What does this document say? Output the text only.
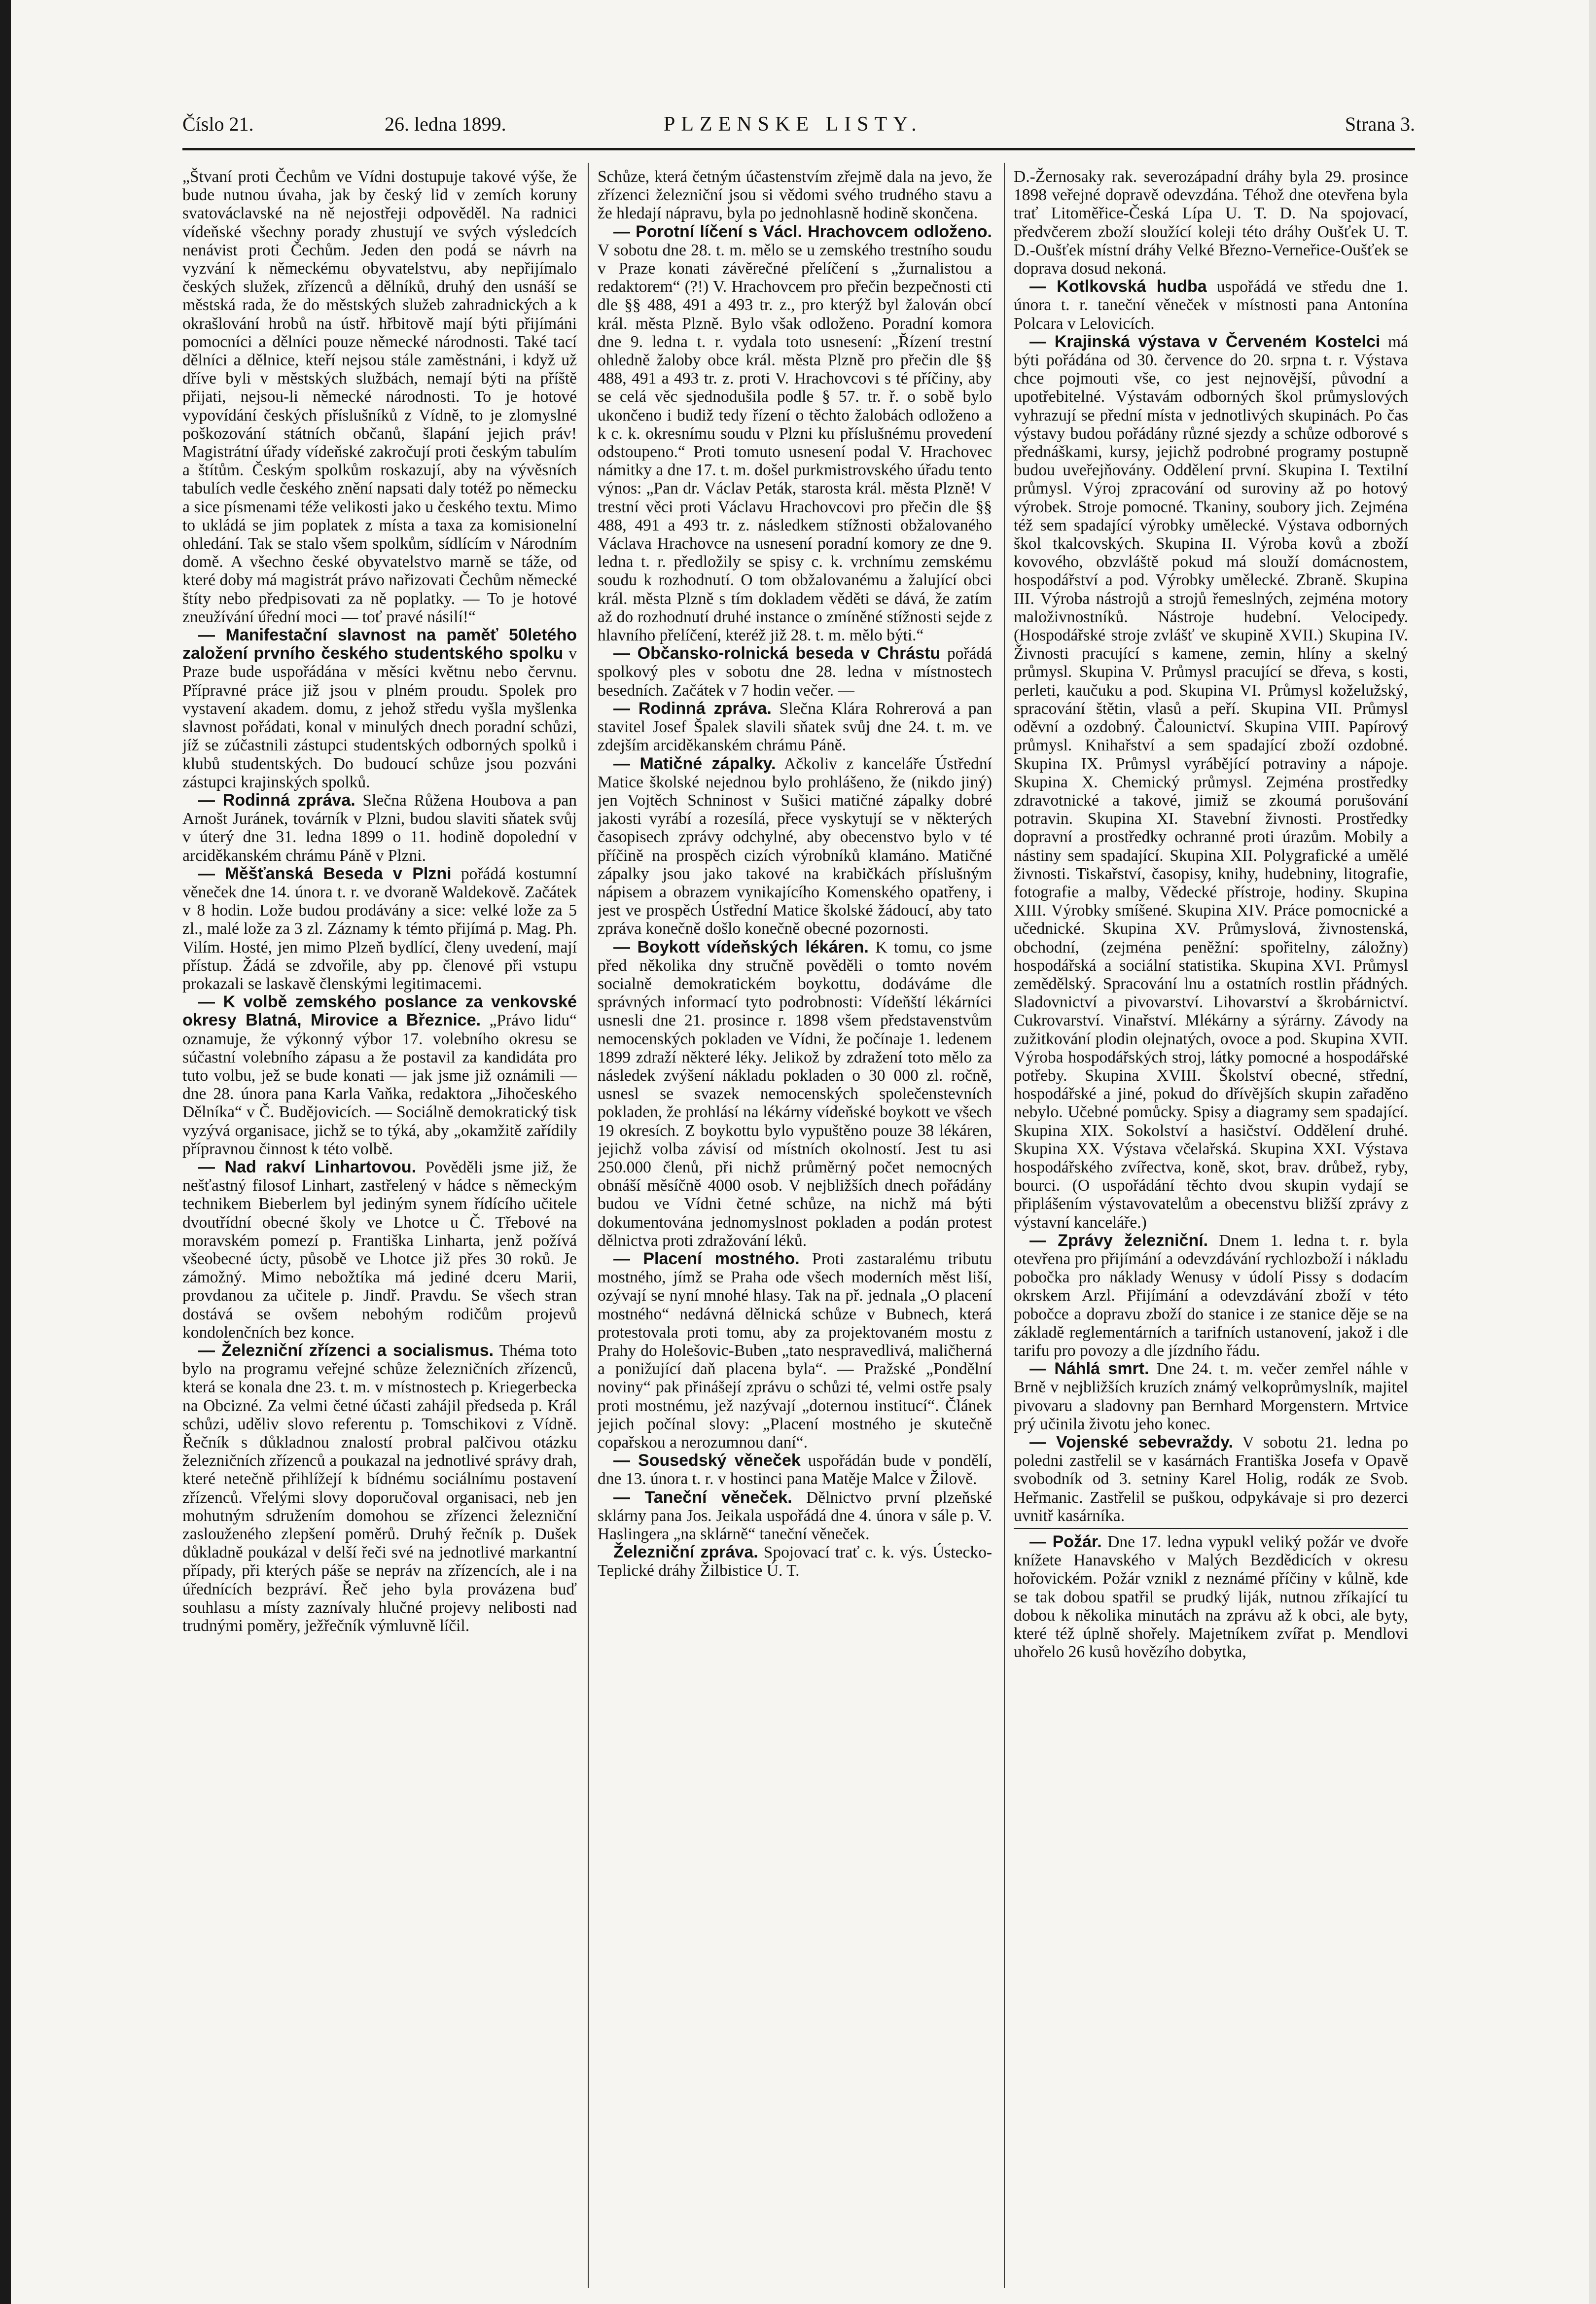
Číslo 21.	26. ledna 1899.	PLZENSKE LISTY.	Strana 3.

„Štvaní proti Čechům ve Vídni dostupuje takové výše, že bude nutnou úvaha, jak by český lid v zemích koruny svatováclavské na ně nejostřeji odpověděl. Na radnici vídeňské všechny porady zhustují ve svých výsledcích nenávist proti Čechům. Jeden den podá se návrh na vyzvání k německému obyvatelstvu, aby nepřijímalo českých služek, zřízenců a dělníků, druhý den usnáší se městská rada, že do městských služeb zahradnických a k okrašlování hrobů na ústř. hřbitově mají býti přijímáni pomocníci a dělníci pouze německé národnosti. Také tací dělníci a dělnice, kteří nejsou stále zaměstnáni, i když už dříve byli v městských službách, nemají býti na příště přijati, nejsou-li německé národnosti. To je hotové vypovídání českých příslušníků z Vídně, to je zlomyslné poškozování státních občanů, šlapání jejich práv! Magistrátní úřady vídeňské zakročují proti českým tabulím a štítům. Českým spolkům roskazují, aby na vývěsních tabulích vedle českého znění napsati daly totéž po německu a sice písmenami téže velikosti jako u českého textu. Mimo to ukládá se jim poplatek z místa a taxa za komisionelní ohledání. Tak se stalo všem spolkům, sídlícím v Národním domě. A všechno české obyvatelstvo marně se táže, od které doby má magistrát právo nařizovati Čechům německé štíty nebo předpisovati za ně poplatky. — To je hotové zneužívání úřední moci — toť pravé násilí!“

— Manifestační slavnost na paměť 50letého založení prvního českého studentského spolku v Praze bude uspořádána v měsíci květnu nebo červnu. Přípravné práce již jsou v plném proudu. Spolek pro vystavení akadem. domu, z jehož středu vyšla myšlenka slavnost pořádati, konal v minulých dnech poradní schůzi, jíž se zúčastnili zástupci studentských odborných spolků i klubů studentských. Do budoucí schůze jsou pozváni zástupci krajinských spolků.

— Rodinná zpráva. Slečna Růžena Houbova a pan Arnošt Juránek, továrník v Plzni, budou slaviti sňatek svůj v úterý dne 31. ledna 1899 o 11. hodině dopolední v arciděkanském chrámu Páně v Plzni.

— Měšťanská Beseda v Plzni pořádá kostumní věneček dne 14. února t. r. ve dvoraně Waldekově. Začátek v 8 hodin. Lože budou prodávány a sice: velké lože za 5 zl., malé lože za 3 zl. Záznamy k témto přijímá p. Mag. Ph. Vilím. Hosté, jen mimo Plzeň bydlící, členy uvedení, mají přístup. Žádá se zdvořile, aby pp. členové při vstupu prokazali se laskavě členskými legitimacemi.

— K volbě zemského poslance za venkovské okresy Blatná, Mirovice a Březnice. „Právo lidu“ oznamuje, že výkonný výbor 17. volebního okresu se súčastní volebního zápasu a že postavil za kandidáta pro tuto volbu, jež se bude konati — jak jsme již oznámili — dne 28. února pana Karla Vaňka, redaktora „Jihočeského Dělníka“ v Č. Budějovicích. — Sociálně demokratický tisk vyzývá organisace, jichž se to týká, aby „okamžitě zařídily přípravnou činnost k této volbě.

— Nad rakví Linhartovou. Pověděli jsme již, že nešťastný filosof Linhart, zastřelený v hádce s německým technikem Bieberlem byl jediným synem řídícího učitele dvoutřídní obecné školy ve Lhotce u Č. Třebové na moravském pomezí p. Františka Linharta, jenž požívá všeobecné úcty, působě ve Lhotce již přes 30 roků. Je zámožný. Mimo nebožtíka má jediné dceru Marii, provdanou za učitele p. Jindř. Pravdu. Se všech stran dostává se ovšem nebohým rodičům projevů kondolenčních bez konce.

— Železniční zřízenci a socialismus. Théma toto bylo na programu veřejné schůze železničních zřízenců, která se konala dne 23. t. m. v místnostech p. Kriegerbecka na Obcizné. Za velmi četné účasti zahájil předseda p. Král schůzi, uděliv slovo referentu p. Tomschikovi z Vídně. Řečník s důkladnou znalostí probral palčivou otázku železničních zřízenců a poukazal na jednotlivé správy drah, které netečně přihlížejí k bídnému sociálnímu postavení zřízenců. Vřelými slovy doporučoval organisaci, neb jen mohutným sdružením domohou se zřízenci železniční zaslouženého zlepšení poměrů. Druhý řečník p. Dušek důkladně poukázal v delší řeči své na jednotlivé markantní případy, při kterých páše se nepráv na zřízencích, ale i na úřednících bezpráví. Řeč jeho byla provázena buď souhlasu a místy zaznívaly hlučné projevy nelibosti nad trudnými poměry, ježřečník výmluvně líčil.

Schůze, která četným účastenstvím zřejmě dala na jevo, že zřízenci železniční jsou si vědomi svého trudného stavu a že hledají nápravu, byla po jednohlasně hodině skončena.

— Porotní líčení s Václ. Hrachovcem odloženo. V sobotu dne 28. t. m. mělo se u zemského trestního soudu v Praze konati závěrečné přelíčení s „žurnalistou a redaktorem“ (?!) V. Hrachovcem pro přečin bezpečnosti cti dle §§ 488, 491 a 493 tr. z., pro kterýž byl žalován obcí král. města Plzně. Bylo však odloženo. Poradní komora dne 9. ledna t. r. vydala toto usnesení: „Řízení trestní ohledně žaloby obce král. města Plzně pro přečin dle §§ 488, 491 a 493 tr. z. proti V. Hrachovcovi s té příčiny, aby se celá věc sjednodušila podle § 57. tr. ř. o sobě bylo ukončeno i budiž tedy řízení o těchto žalobách odloženo a k c. k. okresnímu soudu v Plzni ku příslušnému provedení odstoupeno.“ Proti tomuto usnesení podal V. Hrachovec námitky a dne 17. t. m. došel purkmistrovského úřadu tento výnos: „Pan dr. Václav Peták, starosta král. města Plzně! V trestní věci proti Václavu Hrachovcovi pro přečin dle §§ 488, 491 a 493 tr. z. následkem stížnosti obžalovaného Václava Hrachovce na usnesení poradní komory ze dne 9. ledna t. r. předložily se spisy c. k. vrchnímu zemskému soudu k rozhodnutí. O tom obžalovanému a žalující obci král. města Plzně s tím dokladem věděti se dává, že zatím až do rozhodnutí druhé instance o zmíněné stížnosti sejde z hlavního přelíčení, kteréž již 28. t. m. mělo býti.“

— Občansko-rolnická beseda v Chrástu pořádá spolkový ples v sobotu dne 28. ledna v místnostech besedních. Začátek v 7 hodin večer. —

— Rodinná zpráva. Slečna Klára Rohrerová a pan stavitel Josef Špalek slavili sňatek svůj dne 24. t. m. ve zdejším arciděkanském chrámu Páně.

— Matičné zápalky. Ačkoliv z kanceláře Ústřední Matice školské nejednou bylo prohlášeno, že (nikdo jiný) jen Vojtěch Schninost v Sušici matičné zápalky dobré jakosti vyrábí a rozesílá, přece vyskytují se v některých časopisech zprávy odchylné, aby obecenstvo bylo v té příčině na prospěch cizích výrobníků klamáno. Matičné zápalky jsou jako takové na krabičkách příslušným nápisem a obrazem vynikajícího Komenského opatřeny, i jest ve prospěch Ústřední Matice školské žádoucí, aby tato zpráva konečně došlo konečně obecné pozornosti.

— Boykott vídeňských lékáren. K tomu, co jsme před několika dny stručně pověděli o tomto novém socialně demokratickém boykottu, dodáváme dle správných informací tyto podrobnosti: Vídeňští lékárníci usnesli dne 21. prosince r. 1898 všem představenstvům nemocenských pokladen ve Vídni, že počínaje 1. ledenem 1899 zdraží některé léky. Jelikož by zdražení toto mělo za následek zvýšení nákladu pokladen o 30 000 zl. ročně, usnesl se svazek nemocenských společenstevních pokladen, že prohlásí na lékárny vídeňské boykott ve všech 19 okresích. Z boykottu bylo vypuštěno pouze 38 lékáren, jejichž volba závisí od místních okolností. Jest tu asi 250.000 členů, při nichž průměrný počet nemocných obnáší měsíčně 4000 osob. V nejbližších dnech pořádány budou ve Vídni četné schůze, na nichž má býti dokumentována jednomyslnost pokladen a podán protest dělnictva proti zdražování léků.

— Placení mostného. Proti zastaralému tributu mostného, jímž se Praha ode všech moderních měst liší, ozývají se nyní mnohé hlasy. Tak na př. jednala „O placení mostného“ nedávná dělnická schůze v Bubnech, která protestovala proti tomu, aby za projektovaném mostu z Prahy do Holešovic-Buben „tato nespravedlivá, maličherná a ponižující daň placena byla“. — Pražské „Pondělní noviny“ pak přinášejí zprávu o schůzi té, velmi ostře psaly proti mostnému, jež nazývají „doternou institucí“. Článek jejich počínal slovy: „Placení mostného je skutečně copařskou a nerozumnou daní“.

— Sousedský věneček uspořádán bude v pondělí, dne 13. února t. r. v hostinci pana Matěje Malce v Žilově.

— Taneční věneček. Dělnictvo první plzeňské sklárny pana Jos. Jeikala uspořádá dne 4. února v sále p. V. Haslingera „na sklárně“ taneční věneček.

Železniční zpráva. Spojovací trať c. k. výs. Ústecko-Teplické dráhy Žilbistice Ú. T.

D.-Žernosaky rak. severozápadní dráhy byla 29. prosince 1898 veřejné dopravě odevzdána. Téhož dne otevřena byla trať Litoměřice-Česká Lípa U. T. D. Na spojovací, předvčerem zboží sloužící koleji této dráhy Oušťek U. T. D.-Oušťek místní dráhy Velké Březno-Verneřice-Oušťek se doprava dosud nekoná.

— Kotlkovská hudba uspořádá ve středu dne 1. února t. r. taneční věneček v místnosti pana Antonína Polcara v Lelovicích.

— Krajinská výstava v Červeném Kostelci má býti pořádána od 30. července do 20. srpna t. r. Výstava chce pojmouti vše, co jest nejnovější, původní a upotřebitelné. Výstavám odborných škol průmyslových vyhrazují se přední místa v jednotlivých skupinách. Po čas výstavy budou pořádány různé sjezdy a schůze odborové s přednáškami, kursy, jejichž podrobné programy postupně budou uveřejňovány. Oddělení první. Skupina I. Textilní průmysl. Výroj zpracování od suroviny až po hotový výrobek. Stroje pomocné. Tkaniny, soubory jich. Zejména též sem spadající výrobky umělecké. Výstava odborných škol tkalcovských. Skupina II. Výroba kovů a zboží kovového, obzvláště pokud má slouží domácnostem, hospodářství a pod. Výrobky umělecké. Zbraně. Skupina III. Výroba nástrojů a strojů řemeslných, zejména motory maloživnostníků. Nástroje hudební. Velocipedy. (Hospodářské stroje zvlášť ve skupině XVII.) Skupina IV. Živnosti pracující s kamene, zemin, hlíny a skelný průmysl. Skupina V. Průmysl pracující se dřeva, s kosti, perleti, kaučuku a pod. Skupina VI. Průmysl koželužský, spracování štětin, vlasů a peří. Skupina VII. Průmysl oděvní a ozdobný. Čalounictví. Skupina VIII. Papírový průmysl. Knihařství a sem spadající zboží ozdobné. Skupina IX. Průmysl vyrábějící potraviny a nápoje. Skupina X. Chemický průmysl. Zejména prostředky zdravotnické a takové, jimiž se zkoumá porušování potravin. Skupina XI. Stavební živnosti. Prostředky dopravní a prostředky ochranné proti úrazům. Mobily a nástiny sem spadající. Skupina XII. Polygrafické a umělé živnosti. Tiskařství, časopisy, knihy, hudebniny, litografie, fotografie a malby, Vědecké přístroje, hodiny. Skupina XIII. Výrobky smíšené. Skupina XIV. Práce pomocnické a učednické. Skupina XV. Průmyslová, živnostenská, obchodní, (zejména peněžní: spořitelny, záložny) hospodářská a sociální statistika. Skupina XVI. Průmysl zemědělský. Spracování lnu a ostatních rostlin přádných. Sladovnictví a pivovarství. Lihovarství a škrobárnictví. Cukrovarství. Vinařství. Mlékárny a sýrárny. Závody na zužitkování plodin olejnatých, ovoce a pod. Skupina XVII. Výroba hospodářských stroj, látky pomocné a hospodářské potřeby. Skupina XVIII. Školství obecné, střední, hospodářské a jiné, pokud do dřívějších skupin zařaděno nebylo. Učebné pomůcky. Spisy a diagramy sem spadající. Skupina XIX. Sokolství a hasičství. Oddělení druhé. Skupina XX. Výstava včelařská. Skupina XXI. Výstava hospodářského zvířectva, koně, skot, brav. drůbež, ryby, bourci. (O uspořádání těchto dvou skupin vydají se připlášením výstavovatelům a obecenstvu bližší zprávy z výstavní kanceláře.)

— Zprávy železniční. Dnem 1. ledna t. r. byla otevřena pro přijímání a odevzdávání rychlozboží i nákladu pobočka pro náklady Wenusy v údolí Pissy s dodacím okrskem Arzl. Přijímání a odevzdávání zboží v této pobočce a dopravu zboží do stanice i ze stanice děje se na základě reglementárních a tarifních ustanovení, jakož i dle tarifu pro povozy a dle jízdního řádu.

— Náhlá smrt. Dne 24. t. m. večer zemřel náhle v Brně v nejbližších kruzích známý velkoprůmyslník, majitel pivovaru a sladovny pan Bernhard Morgenstern. Mrtvice prý učinila životu jeho konec.

— Vojenské sebevraždy. V sobotu 21. ledna po poledni zastřelil se v kasárnách Františka Josefa v Opavě svobodník od 3. setniny Karel Holig, rodák ze Svob. Heřmanic. Zastřelil se puškou, odpykávaje si pro dezerci uvnitř kasárníka.

— Požár. Dne 17. ledna vypukl veliký požár ve dvoře knížete Hanavského v Malých Bezdědicích v okresu hořovickém. Požár vznikl z neznámé příčiny v kůlně, kde se tak dobou spatřil se prudký liják, nutnou zříkající tu dobou k několika minutách na zprávu až k obci, ale byty, které též úplně shořely. Majetníkem zvířat p. Mendlovi uhořelo 26 kusů hovězího dobytka,
